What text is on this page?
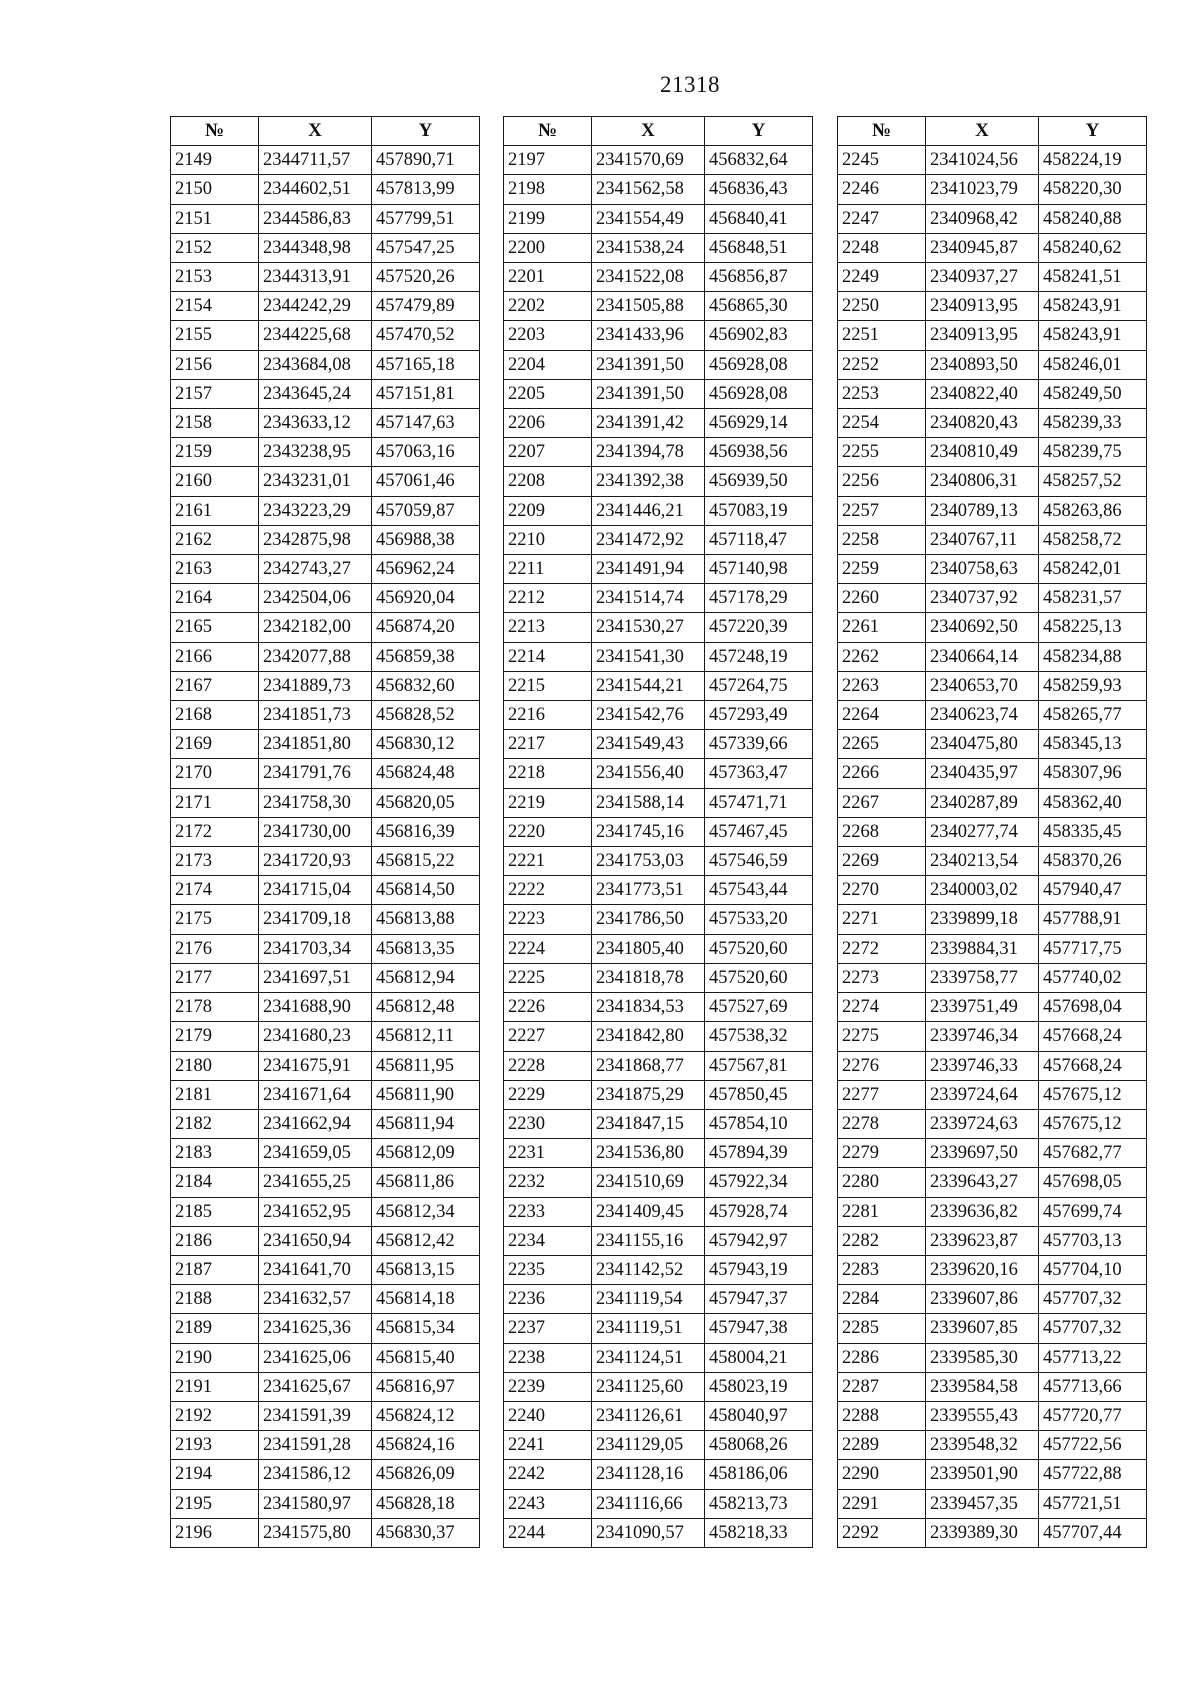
21318
№	X	Y
2149	2344711,57	457890,71
2150	2344602,51	457813,99
2151	2344586,83	457799,51
2152	2344348,98	457547,25
2153	2344313,91	457520,26
2154	2344242,29	457479,89
2155	2344225,68	457470,52
2156	2343684,08	457165,18
2157	2343645,24	457151,81
2158	2343633,12	457147,63
2159	2343238,95	457063,16
2160	2343231,01	457061,46
2161	2343223,29	457059,87
2162	2342875,98	456988,38
2163	2342743,27	456962,24
2164	2342504,06	456920,04
2165	2342182,00	456874,20
2166	2342077,88	456859,38
2167	2341889,73	456832,60
2168	2341851,73	456828,52
2169	2341851,80	456830,12
2170	2341791,76	456824,48
2171	2341758,30	456820,05
2172	2341730,00	456816,39
2173	2341720,93	456815,22
2174	2341715,04	456814,50
2175	2341709,18	456813,88
2176	2341703,34	456813,35
2177	2341697,51	456812,94
2178	2341688,90	456812,48
2179	2341680,23	456812,11
2180	2341675,91	456811,95
2181	2341671,64	456811,90
2182	2341662,94	456811,94
2183	2341659,05	456812,09
2184	2341655,25	456811,86
2185	2341652,95	456812,34
2186	2341650,94	456812,42
2187	2341641,70	456813,15
2188	2341632,57	456814,18
2189	2341625,36	456815,34
2190	2341625,06	456815,40
2191	2341625,67	456816,97
2192	2341591,39	456824,12
2193	2341591,28	456824,16
2194	2341586,12	456826,09
2195	2341580,97	456828,18
2196	2341575,80	456830,37
№	X	Y
2197	2341570,69	456832,64
2198	2341562,58	456836,43
2199	2341554,49	456840,41
2200	2341538,24	456848,51
2201	2341522,08	456856,87
2202	2341505,88	456865,30
2203	2341433,96	456902,83
2204	2341391,50	456928,08
2205	2341391,50	456928,08
2206	2341391,42	456929,14
2207	2341394,78	456938,56
2208	2341392,38	456939,50
2209	2341446,21	457083,19
2210	2341472,92	457118,47
2211	2341491,94	457140,98
2212	2341514,74	457178,29
2213	2341530,27	457220,39
2214	2341541,30	457248,19
2215	2341544,21	457264,75
2216	2341542,76	457293,49
2217	2341549,43	457339,66
2218	2341556,40	457363,47
2219	2341588,14	457471,71
2220	2341745,16	457467,45
2221	2341753,03	457546,59
2222	2341773,51	457543,44
2223	2341786,50	457533,20
2224	2341805,40	457520,60
2225	2341818,78	457520,60
2226	2341834,53	457527,69
2227	2341842,80	457538,32
2228	2341868,77	457567,81
2229	2341875,29	457850,45
2230	2341847,15	457854,10
2231	2341536,80	457894,39
2232	2341510,69	457922,34
2233	2341409,45	457928,74
2234	2341155,16	457942,97
2235	2341142,52	457943,19
2236	2341119,54	457947,37
2237	2341119,51	457947,38
2238	2341124,51	458004,21
2239	2341125,60	458023,19
2240	2341126,61	458040,97
2241	2341129,05	458068,26
2242	2341128,16	458186,06
2243	2341116,66	458213,73
2244	2341090,57	458218,33
№	X	Y
2245	2341024,56	458224,19
2246	2341023,79	458220,30
2247	2340968,42	458240,88
2248	2340945,87	458240,62
2249	2340937,27	458241,51
2250	2340913,95	458243,91
2251	2340913,95	458243,91
2252	2340893,50	458246,01
2253	2340822,40	458249,50
2254	2340820,43	458239,33
2255	2340810,49	458239,75
2256	2340806,31	458257,52
2257	2340789,13	458263,86
2258	2340767,11	458258,72
2259	2340758,63	458242,01
2260	2340737,92	458231,57
2261	2340692,50	458225,13
2262	2340664,14	458234,88
2263	2340653,70	458259,93
2264	2340623,74	458265,77
2265	2340475,80	458345,13
2266	2340435,97	458307,96
2267	2340287,89	458362,40
2268	2340277,74	458335,45
2269	2340213,54	458370,26
2270	2340003,02	457940,47
2271	2339899,18	457788,91
2272	2339884,31	457717,75
2273	2339758,77	457740,02
2274	2339751,49	457698,04
2275	2339746,34	457668,24
2276	2339746,33	457668,24
2277	2339724,64	457675,12
2278	2339724,63	457675,12
2279	2339697,50	457682,77
2280	2339643,27	457698,05
2281	2339636,82	457699,74
2282	2339623,87	457703,13
2283	2339620,16	457704,10
2284	2339607,86	457707,32
2285	2339607,85	457707,32
2286	2339585,30	457713,22
2287	2339584,58	457713,66
2288	2339555,43	457720,77
2289	2339548,32	457722,56
2290	2339501,90	457722,88
2291	2339457,35	457721,51
2292	2339389,30	457707,44
